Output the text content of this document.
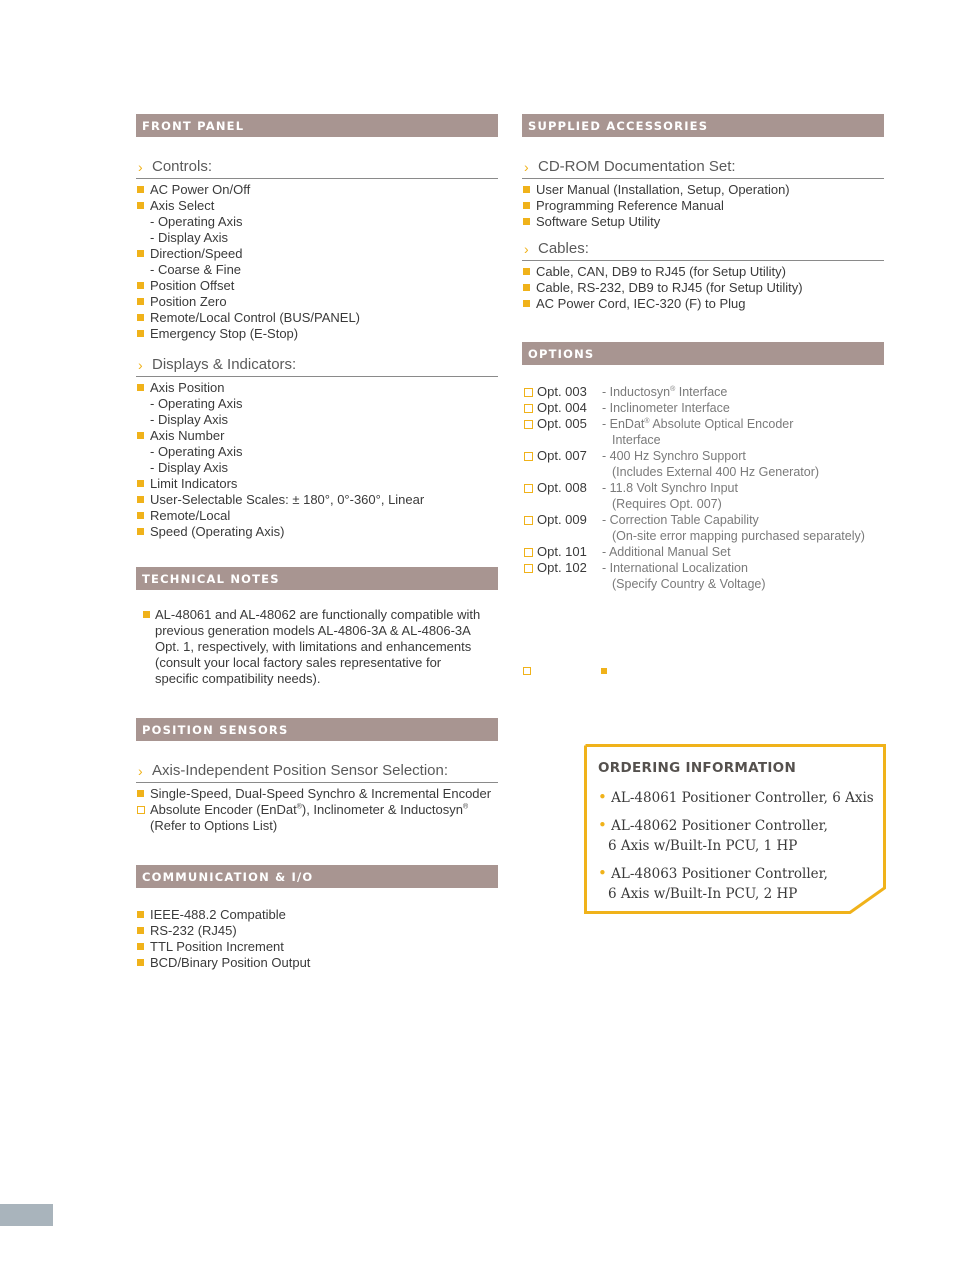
FRONT PANEL
› Controls:
AC Power On/Off
Axis Select
- Operating Axis
- Display Axis
Direction/Speed
- Coarse & Fine
Position Offset
Position Zero
Remote/Local Control (BUS/PANEL)
Emergency Stop (E-Stop)
› Displays & Indicators:
Axis Position
- Operating Axis
- Display Axis
Axis Number
- Operating Axis
- Display Axis
Limit Indicators
User-Selectable Scales: ± 180°, 0°-360°, Linear
Remote/Local
Speed (Operating Axis)
TECHNICAL NOTES
AL-48061 and AL-48062 are functionally compatible with
previous generation models AL-4806-3A & AL-4806-3A
Opt. 1, respectively, with limitations and enhancements
(consult your local factory sales representative for
specific compatibility needs).
POSITION SENSORS
› Axis-Independent Position Sensor Selection:
Single-Speed, Dual-Speed Synchro & Incremental Encoder
Absolute Encoder (EnDat®), Inclinometer & Inductosyn®
(Refer to Options List)
COMMUNICATION & I/O
IEEE-488.2 Compatible
RS-232 (RJ45)
TTL Position Increment
BCD/Binary Position Output
SUPPLIED ACCESSORIES
› CD-ROM Documentation Set:
User Manual (Installation, Setup, Operation)
Programming Reference Manual
Software Setup Utility
› Cables:
Cable, CAN, DB9 to RJ45 (for Setup Utility)
Cable, RS-232, DB9 to RJ45 (for Setup Utility)
AC Power Cord, IEC-320 (F) to Plug
OPTIONS
Opt. 003 - Inductosyn® Interface
Opt. 004 - Inclinometer Interface
Opt. 005 - EnDat® Absolute Optical Encoder
Interface
Opt. 007 - 400 Hz Synchro Support
(Includes External 400 Hz Generator)
Opt. 008 - 11.8 Volt Synchro Input
(Requires Opt. 007)
Opt. 009 - Correction Table Capability
(On-site error mapping purchased separately)
Opt. 101 - Additional Manual Set
Opt. 102 - International Localization
(Specify Country & Voltage)
ORDERING INFORMATION
• AL-48061 Positioner Controller, 6 Axis
• AL-48062 Positioner Controller,
6 Axis w/Built-In PCU, 1 HP
• AL-48063 Positioner Controller,
6 Axis w/Built-In PCU, 2 HP
